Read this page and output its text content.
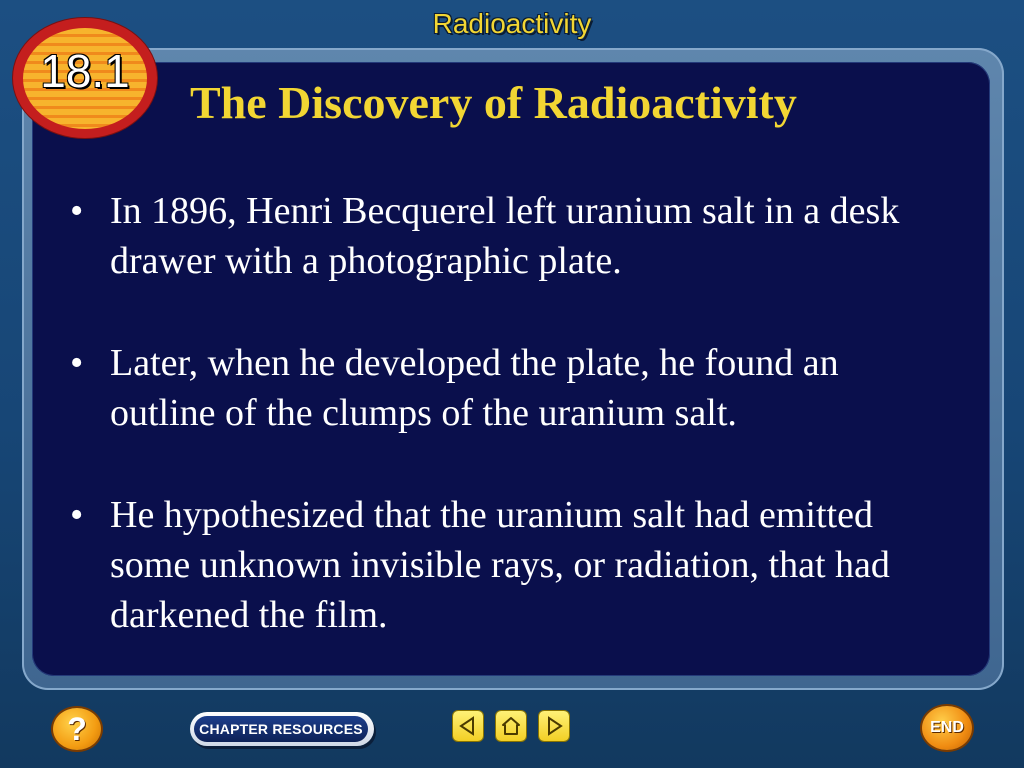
Radioactivity
18.1
The Discovery of Radioactivity
• In 1896, Henri Becquerel left uranium salt in a desk drawer with a photographic plate.
• Later, when he developed the plate, he found an outline of the clumps of the uranium salt.
• He hypothesized that the uranium salt had emitted some unknown invisible rays, or radiation, that had darkened the film.
?	CHAPTER RESOURCES	END
